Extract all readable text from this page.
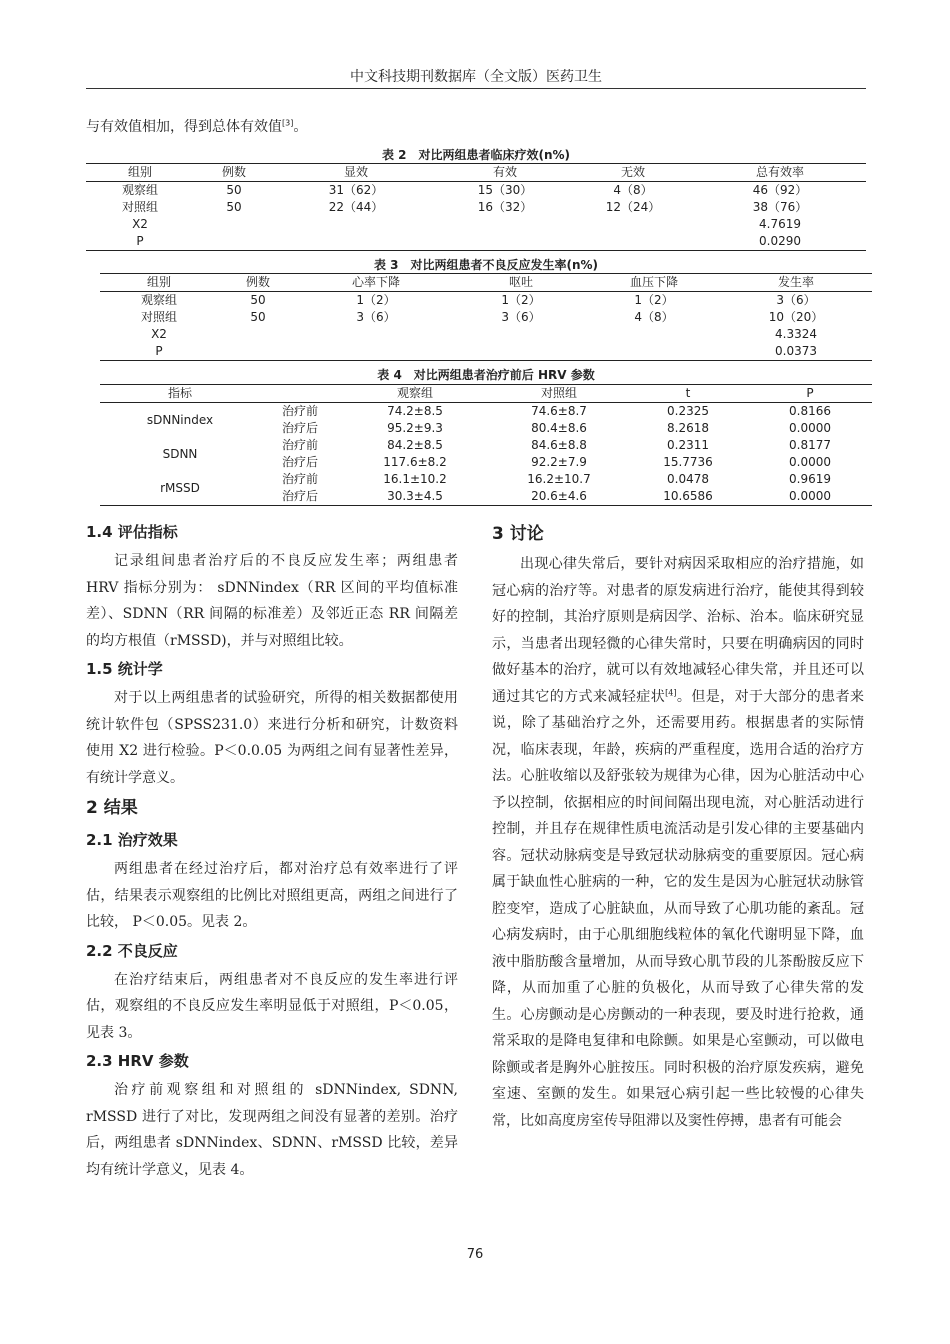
中文科技期刊数据库（全文版）医药卫生
与有效值相加，得到总体有效值[3]。
表 2　对比两组患者临床疗效(n%)
组别	例数	显效	有效	无效	总有效率
观察组	50	31（62）	15（30）	4（8）	46（92）
对照组	50	22（44）	16（32）	12（24）	38（76）
X2					4.7619
P					0.0290
表 3　对比两组患者不良反应发生率(n%)
组别	例数	心率下降	呕吐	血压下降	发生率
观察组	50	1（2）	1（2）	1（2）	3（6）
对照组	50	3（6）	3（6）	4（8）	10（20）
X2					4.3324
P					0.0373
表 4　对比两组患者治疗前后 HRV 参数
指标		观察组	对照组	t	P
sDNNindex	治疗前	74.2±8.5	74.6±8.7	0.2325	0.8166
	治疗后	95.2±9.3	80.4±8.6	8.2618	0.0000
SDNN	治疗前	84.2±8.5	84.6±8.8	0.2311	0.8177
	治疗后	117.6±8.2	92.2±7.9	15.7736	0.0000
rMSSD	治疗前	16.1±10.2	16.2±10.7	0.0478	0.9619
	治疗后	30.3±4.5	20.6±4.6	10.6586	0.0000
1.4 评估指标

记录组间患者治疗后的不良反应发生率；两组患者 HRV 指标分别为： sDNNindex（RR 区间的平均值标准差）、SDNN（RR 间隔的标准差）及邻近正态 RR 间隔差的均方根值（rMSSD)，并与对照组比较。

1.5 统计学

对于以上两组患者的试验研究，所得的相关数据都使用统计软件包（SPSS231.0）来进行分析和研究，计数资料使用 X2 进行检验。P＜0.0.05 为两组之间有显著性差异，有统计学意义。

2 结果
2.1 治疗效果

两组患者在经过治疗后，都对治疗总有效率进行了评估，结果表示观察组的比例比对照组更高，两组之间进行了比较， P＜0.05。见表 2。

2.2 不良反应

在治疗结束后，两组患者对不良反应的发生率进行评估，观察组的不良反应发生率明显低于对照组，P＜0.05，见表 3。

2.3 HRV 参数

治疗前观察组和对照组的 sDNNindex, SDNN, rMSSD 进行了对比，发现两组之间没有显著的差别。治疗后，两组患者 sDNNindex、SDNN、rMSSD 比较，差异均有统计学意义，见表 4。

3 讨论

出现心律失常后，要针对病因采取相应的治疗措施，如冠心病的治疗等。对患者的原发病进行治疗，能使其得到较好的控制，其治疗原则是病因学、治标、治本。临床研究显示，当患者出现轻微的心律失常时，只要在明确病因的同时做好基本的治疗，就可以有效地减轻心律失常，并且还可以通过其它的方式来减轻症状[4]。但是，对于大部分的患者来说，除了基础治疗之外，还需要用药。根据患者的实际情况，临床表现，年龄，疾病的严重程度，选用合适的治疗方法。心脏收缩以及舒张较为规律为心律，因为心脏活动中心予以控制，依据相应的时间间隔出现电流，对心脏活动进行控制，并且存在规律性质电流活动是引发心律的主要基础内容。冠状动脉病变是导致冠状动脉病变的重要原因。冠心病属于缺血性心脏病的一种，它的发生是因为心脏冠状动脉管腔变窄，造成了心脏缺血，从而导致了心肌功能的紊乱。冠心病发病时，由于心肌细胞线粒体的氧化代谢明显下降，血液中脂肪酸含量增加，从而导致心肌节段的儿茶酚胺反应下降，从而加重了心脏的负极化，从而导致了心律失常的发生。心房颤动是心房颤动的一种表现，要及时进行抢救，通常采取的是降电复律和电除颤。如果是心室颤动，可以做电除颤或者是胸外心脏按压。同时积极的治疗原发疾病，避免室速、室颤的发生。如果冠心病引起一些比较慢的心律失常，比如高度房室传导阻滞以及窦性停搏，患者有可能会

76
